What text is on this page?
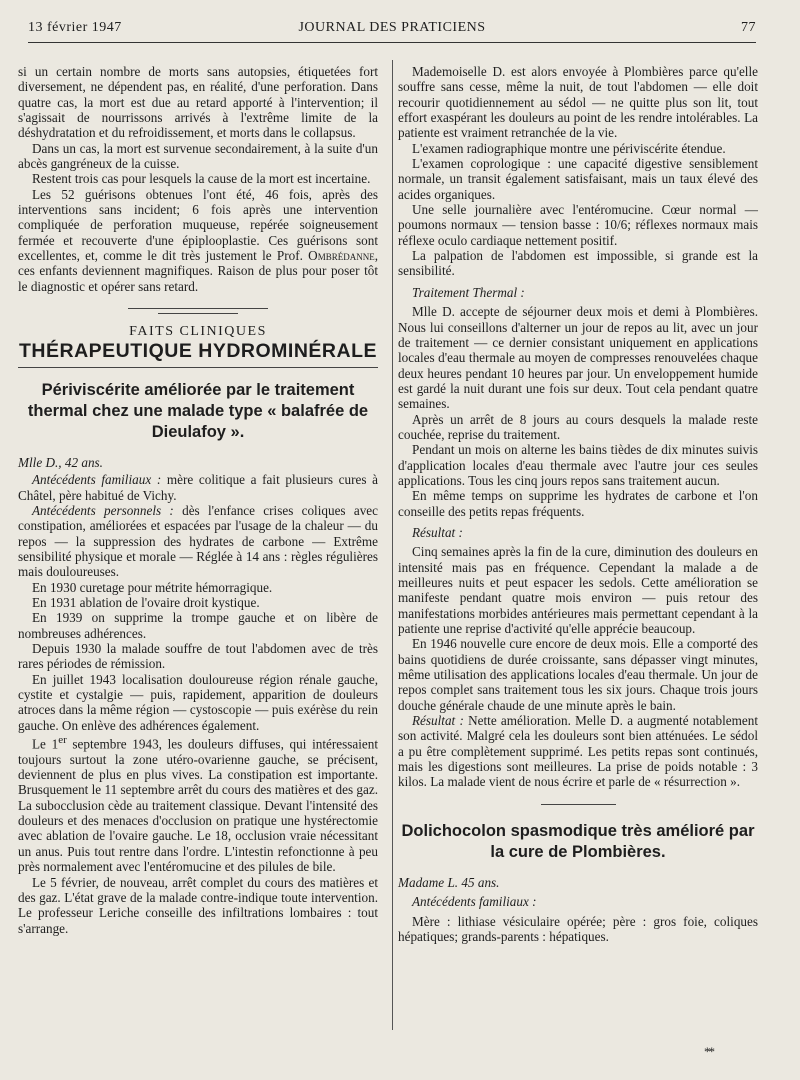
13 février 1947	JOURNAL DES PRATICIENS	77

si un certain nombre de morts sans autopsies, étiquetées fort diversement, ne dépendent pas, en réalité, d'une perforation. Dans quatre cas, la mort est due au retard apporté à l'intervention; il s'agissait de nourrissons arrivés à l'extrême limite de la déshydratation et du refroidissement, et morts dans le collapsus.

Dans un cas, la mort est survenue secondairement, à la suite d'un abcès gangréneux de la cuisse.

Restent trois cas pour lesquels la cause de la mort est incertaine.

Les 52 guérisons obtenues l'ont été, 46 fois, après des interventions sans incident; 6 fois après une intervention compliquée de perforation muqueuse, repérée soigneusement fermée et recouverte d'une épiplooplastie. Ces guérisons sont excellentes, et, comme le dit très justement le Prof. Ombrédanne, ces enfants deviennent magnifiques. Raison de plus pour poser tôt le diagnostic et opérer sans retard.

FAITS CLINIQUES
THÉRAPEUTIQUE HYDROMINÉRALE
Périviscérite améliorée par le traitement thermal chez une malade type « balafrée de Dieulafoy ».

Mlle D., 42 ans.

Antécédents familiaux : mère colitique a fait plusieurs cures à Châtel, père habitué de Vichy.

Antécédents personnels : dès l'enfance crises coliques avec constipation, améliorées et espacées par l'usage de la chaleur — du repos — la suppression des hydrates de carbone — Extrême sensibilité physique et morale — Réglée à 14 ans : règles régulières mais douloureuses.

En 1930 curetage pour métrite hémorragique.

En 1931 ablation de l'ovaire droit kystique.

En 1939 on supprime la trompe gauche et on libère de nombreuses adhérences.

Depuis 1930 la malade souffre de tout l'abdomen avec de très rares périodes de rémission.

En juillet 1943 localisation douloureuse région rénale gauche, cystite et cystalgie — puis, rapidement, apparition de douleurs atroces dans la même région — cystoscopie — puis exérèse du rein gauche. On enlève des adhérences également.

Le 1er septembre 1943, les douleurs diffuses, qui intéressaient toujours surtout la zone utéro-ovarienne gauche, se précisent, deviennent de plus en plus vives. La constipation est importante. Brusquement le 11 septembre arrêt du cours des matières et des gaz. La subocclusion cède au traitement classique. Devant l'intensité des douleurs et des menaces d'occlusion on pratique une hystérectomie avec ablation de l'ovaire gauche. Le 18, occlusion vraie nécessitant un anus. Puis tout rentre dans l'ordre. L'intestin refonctionne à peu près normalement avec l'entéromucine et des pilules de bile.

Le 5 février, de nouveau, arrêt complet du cours des matières et des gaz. L'état grave de la malade contre-indique toute intervention. Le professeur Leriche conseille des infiltrations lombaires : tout s'arrange.

Mademoiselle D. est alors envoyée à Plombières parce qu'elle souffre sans cesse, même la nuit, de tout l'abdomen — elle doit recourir quotidiennement au sédol — ne quitte plus son lit, tout effort exaspérant les douleurs au point de les rendre intolérables. La patiente est vraiment retranchée de la vie.

L'examen radiographique montre une périviscérite étendue.

L'examen coprologique : une capacité digestive sensiblement normale, un transit également satisfaisant, mais un taux élevé des acides organiques.

Une selle journalière avec l'entéromucine. Cœur normal — poumons normaux — tension basse : 10/6; réflexes normaux mais réflexe oculo cardiaque nettement positif.

La palpation de l'abdomen est impossible, si grande est la sensibilité.

Traitement Thermal :

Mlle D. accepte de séjourner deux mois et demi à Plombières. Nous lui conseillons d'alterner un jour de repos au lit, avec un jour de traitement — ce dernier consistant uniquement en applications locales d'eau thermale au moyen de compresses renouvelées chaque deux heures pendant 10 heures par jour. Un enveloppement humide est gardé la nuit durant une fois sur deux. Tout cela pendant quatre semaines.

Après un arrêt de 8 jours au cours desquels la malade reste couchée, reprise du traitement.

Pendant un mois on alterne les bains tièdes de dix minutes suivis d'application locales d'eau thermale avec l'autre jour ces seules applications. Tous les cinq jours repos sans traitement aucun.

En même temps on supprime les hydrates de carbone et l'on conseille des petits repas fréquents.

Résultat :

Cinq semaines après la fin de la cure, diminution des douleurs en intensité mais pas en fréquence. Cependant la malade a de meilleures nuits et peut espacer les sedols. Cette amélioration se manifeste pendant quatre mois environ — puis retour des manifestations morbides antérieures mais permettant cependant à la patiente une reprise d'activité qu'elle apprécie beaucoup.

En 1946 nouvelle cure encore de deux mois. Elle a comporté des bains quotidiens de durée croissante, sans dépasser vingt minutes, même utilisation des applications locales d'eau thermale. Un jour de repos complet sans traitement tous les six jours. Chaque trois jours douche générale chaude de une minute après le bain.

Résultat : Nette amélioration. Melle D. a augmenté notablement son activité. Malgré cela les douleurs sont bien atténuées. Le sédol a pu être complètement supprimé. Les petits repas sont continués, mais les digestions sont meilleures. La prise de poids notable : 3 kilos. La malade vient de nous écrire et parle de « résurrection ».

Dolichocolon spasmodique très amélioré par la cure de Plombières.

Madame L. 45 ans.

Antécédents familiaux :

Mère : lithiase vésiculaire opérée; père : gros foie, coliques hépatiques; grands-parents : hépatiques.

**
